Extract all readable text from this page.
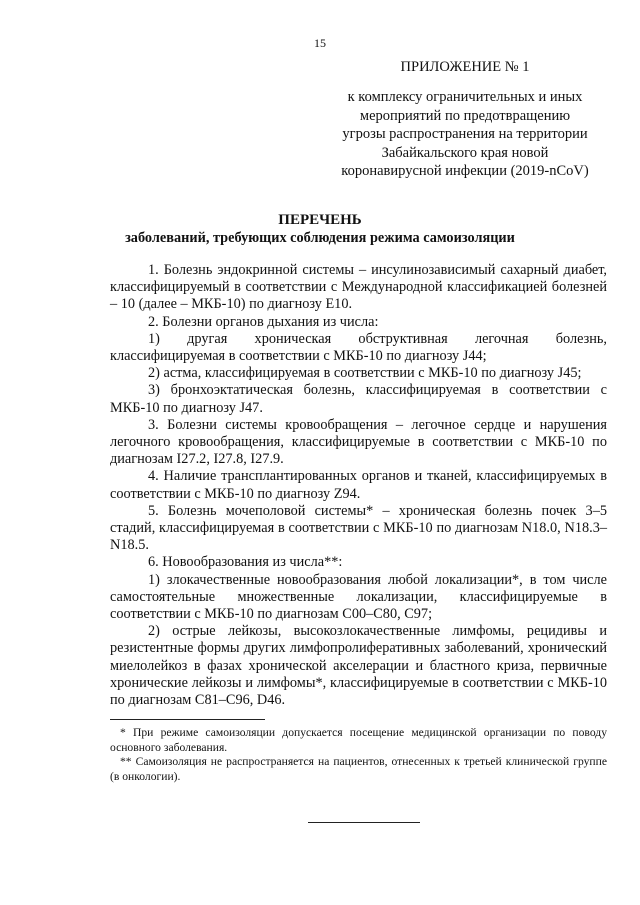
15
ПРИЛОЖЕНИЕ № 1
к комплексу ограничительных и иных мероприятий по предотвращению угрозы распространения на территории Забайкальского края новой коронавирусной инфекции (2019-nCoV)
ПЕРЕЧЕНЬ
заболеваний, требующих соблюдения режима самоизоляции

1. Болезнь эндокринной системы – инсулинозависимый сахарный диабет, классифицируемый в соответствии с Международной классификацией болезней – 10 (далее – МКБ-10) по диагнозу Е10.

2. Болезни органов дыхания из числа:

1) другая хроническая обструктивная легочная болезнь, классифицируемая в соответствии с МКБ-10 по диагнозу J44;

2) астма, классифицируемая в соответствии с МКБ-10 по диагнозу J45;

3) бронхоэктатическая болезнь, классифицируемая в соответствии с МКБ-10 по диагнозу J47.

3. Болезни системы кровообращения – легочное сердце и нарушения легочного кровообращения, классифицируемые в соответствии с МКБ-10 по диагнозам I27.2, I27.8, I27.9.

4. Наличие трансплантированных органов и тканей, классифицируемых в соответствии с МКБ-10 по диагнозу Z94.

5. Болезнь мочеполовой системы* – хроническая болезнь почек 3–5 стадий, классифицируемая в соответствии с МКБ-10 по диагнозам N18.0, N18.3–N18.5.

6. Новообразования из числа**:

1) злокачественные новообразования любой локализации*, в том числе самостоятельные множественные локализации, классифицируемые в соответствии с МКБ-10 по диагнозам C00–C80, C97;

2) острые лейкозы, высокозлокачественные лимфомы, рецидивы и резистентные формы других лимфопролиферативных заболеваний, хронический миелолейкоз в фазах хронической акселерации и бластного криза, первичные хронические лейкозы и лимфомы*, классифицируемые в соответствии с МКБ-10 по диагнозам C81–C96, D46.

* При режиме самоизоляции допускается посещение медицинской организации по поводу основного заболевания.

** Самоизоляция не распространяется на пациентов, отнесенных к третьей клинической группе (в онкологии).
